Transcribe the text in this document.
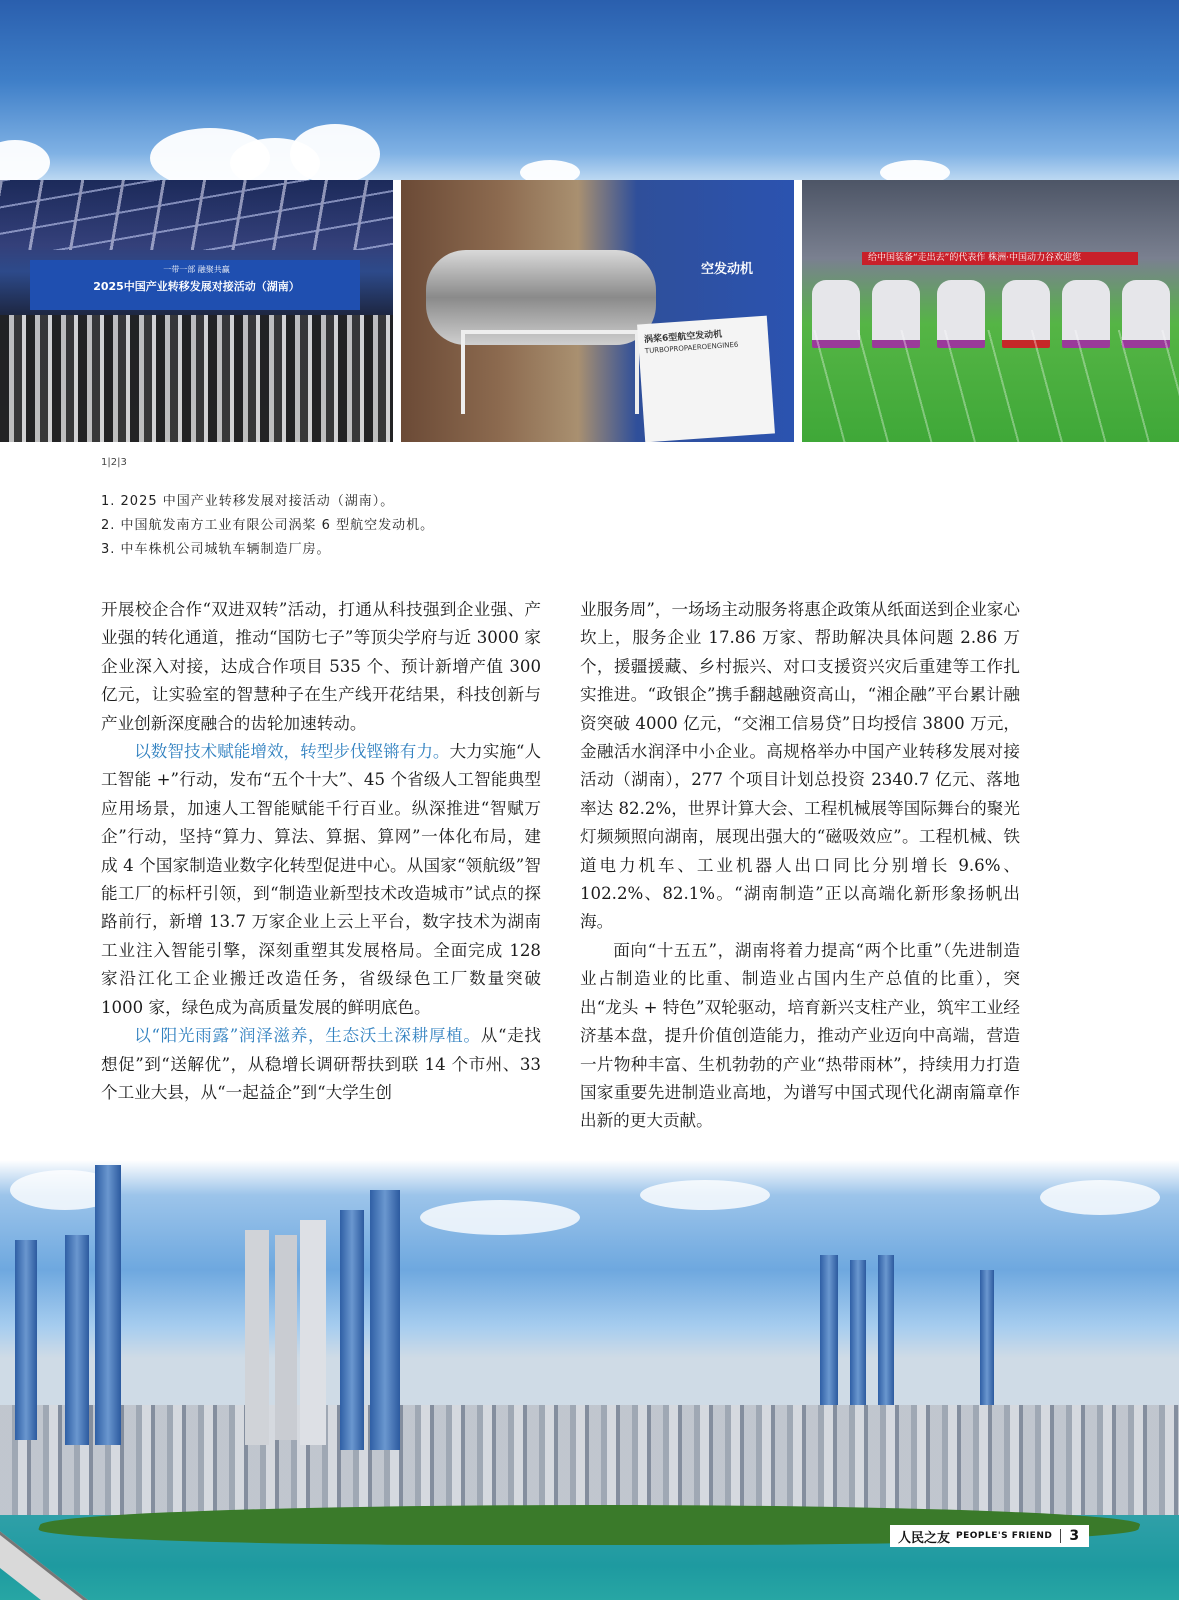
一带一部 融聚共赢
2025中国产业转移发展对接活动（湖南）
空发动机
涡桨6型航空发动机
TURBOPROPAEROENGINE6
给中国装备“走出去”的代表作 株洲·中国动力谷欢迎您
1|2|3
1. 2025 中国产业转移发展对接活动（湖南）。
2. 中国航发南方工业有限公司涡桨 6 型航空发动机。
3. 中车株机公司城轨车辆制造厂房。

开展校企合作“双进双转”活动，打通从科技强到企业强、产业强的转化通道，推动“国防七子”等顶尖学府与近 3000 家企业深入对接，达成合作项目 535 个、预计新增产值 300 亿元，让实验室的智慧种子在生产线开花结果，科技创新与产业创新深度融合的齿轮加速转动。

以数智技术赋能增效，转型步伐铿锵有力。大力实施“人工智能 +”行动，发布“五个十大”、45 个省级人工智能典型应用场景，加速人工智能赋能千行百业。纵深推进“智赋万企”行动，坚持“算力、算法、算据、算网”一体化布局，建成 4 个国家制造业数字化转型促进中心。从国家“领航级”智能工厂的标杆引领，到“制造业新型技术改造城市”试点的探路前行，新增 13.7 万家企业上云上平台，数字技术为湖南工业注入智能引擎，深刻重塑其发展格局。全面完成 128 家沿江化工企业搬迁改造任务，省级绿色工厂数量突破 1000 家，绿色成为高质量发展的鲜明底色。

以“阳光雨露”润泽滋养，生态沃土深耕厚植。从“走找想促”到“送解优”，从稳增长调研帮扶到联 14 个市州、33 个工业大县，从“一起益企”到“大学生创

业服务周”，一场场主动服务将惠企政策从纸面送到企业家心坎上，服务企业 17.86 万家、帮助解决具体问题 2.86 万个，援疆援藏、乡村振兴、对口支援资兴灾后重建等工作扎实推进。“政银企”携手翻越融资高山，“湘企融”平台累计融资突破 4000 亿元，“交湘工信易贷”日均授信 3800 万元，金融活水润泽中小企业。高规格举办中国产业转移发展对接活动（湖南），277 个项目计划总投资 2340.7 亿元、落地率达 82.2%，世界计算大会、工程机械展等国际舞台的聚光灯频频照向湖南，展现出强大的“磁吸效应”。工程机械、铁道电力机车、工业机器人出口同比分别增长 9.6%、102.2%、82.1%。“湖南制造”正以高端化新形象扬帆出海。

面向“十五五”，湖南将着力提高“两个比重”（先进制造业占制造业的比重、制造业占国内生产总值的比重），突出“龙头 + 特色”双轮驱动，培育新兴支柱产业，筑牢工业经济基本盘，提升价值创造能力，推动产业迈向中高端，营造一片物种丰富、生机勃勃的产业“热带雨林”，持续用力打造国家重要先进制造业高地，为谱写中国式现代化湖南篇章作出新的更大贡献。

人民之友 PEOPLE'S FRIEND 3
